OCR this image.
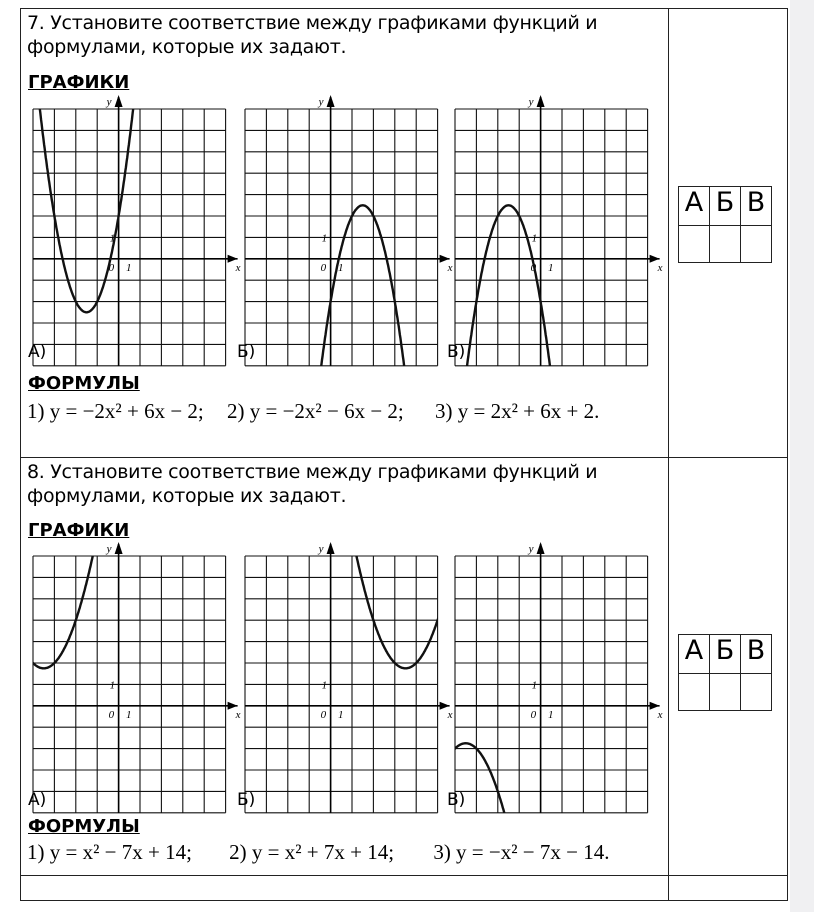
7. Установите соответствие между графиками функций и формулами, которые их задают.
ГРАФИКИ
y
x
0 1
1
А)
y
x
0 1
1
Б)
y
x
0 1
1
В)
ФОРМУЛЫ
1) y = −2x² + 6x − 2; 2) y = −2x² − 6x − 2; 3) y = 2x² + 6x + 2.

А	Б	В

8. Установите соответствие между графиками функций и формулами, которые их задают.
ГРАФИКИ
y
x
0 1
1
А)
y
x
0 1
1
Б)
y
x
0 1
1
В)
ФОРМУЛЫ
1) y = x² − 7x + 14; 2) y = x² + 7x + 14; 3) y = −x² − 7x − 14.

А	Б	В
